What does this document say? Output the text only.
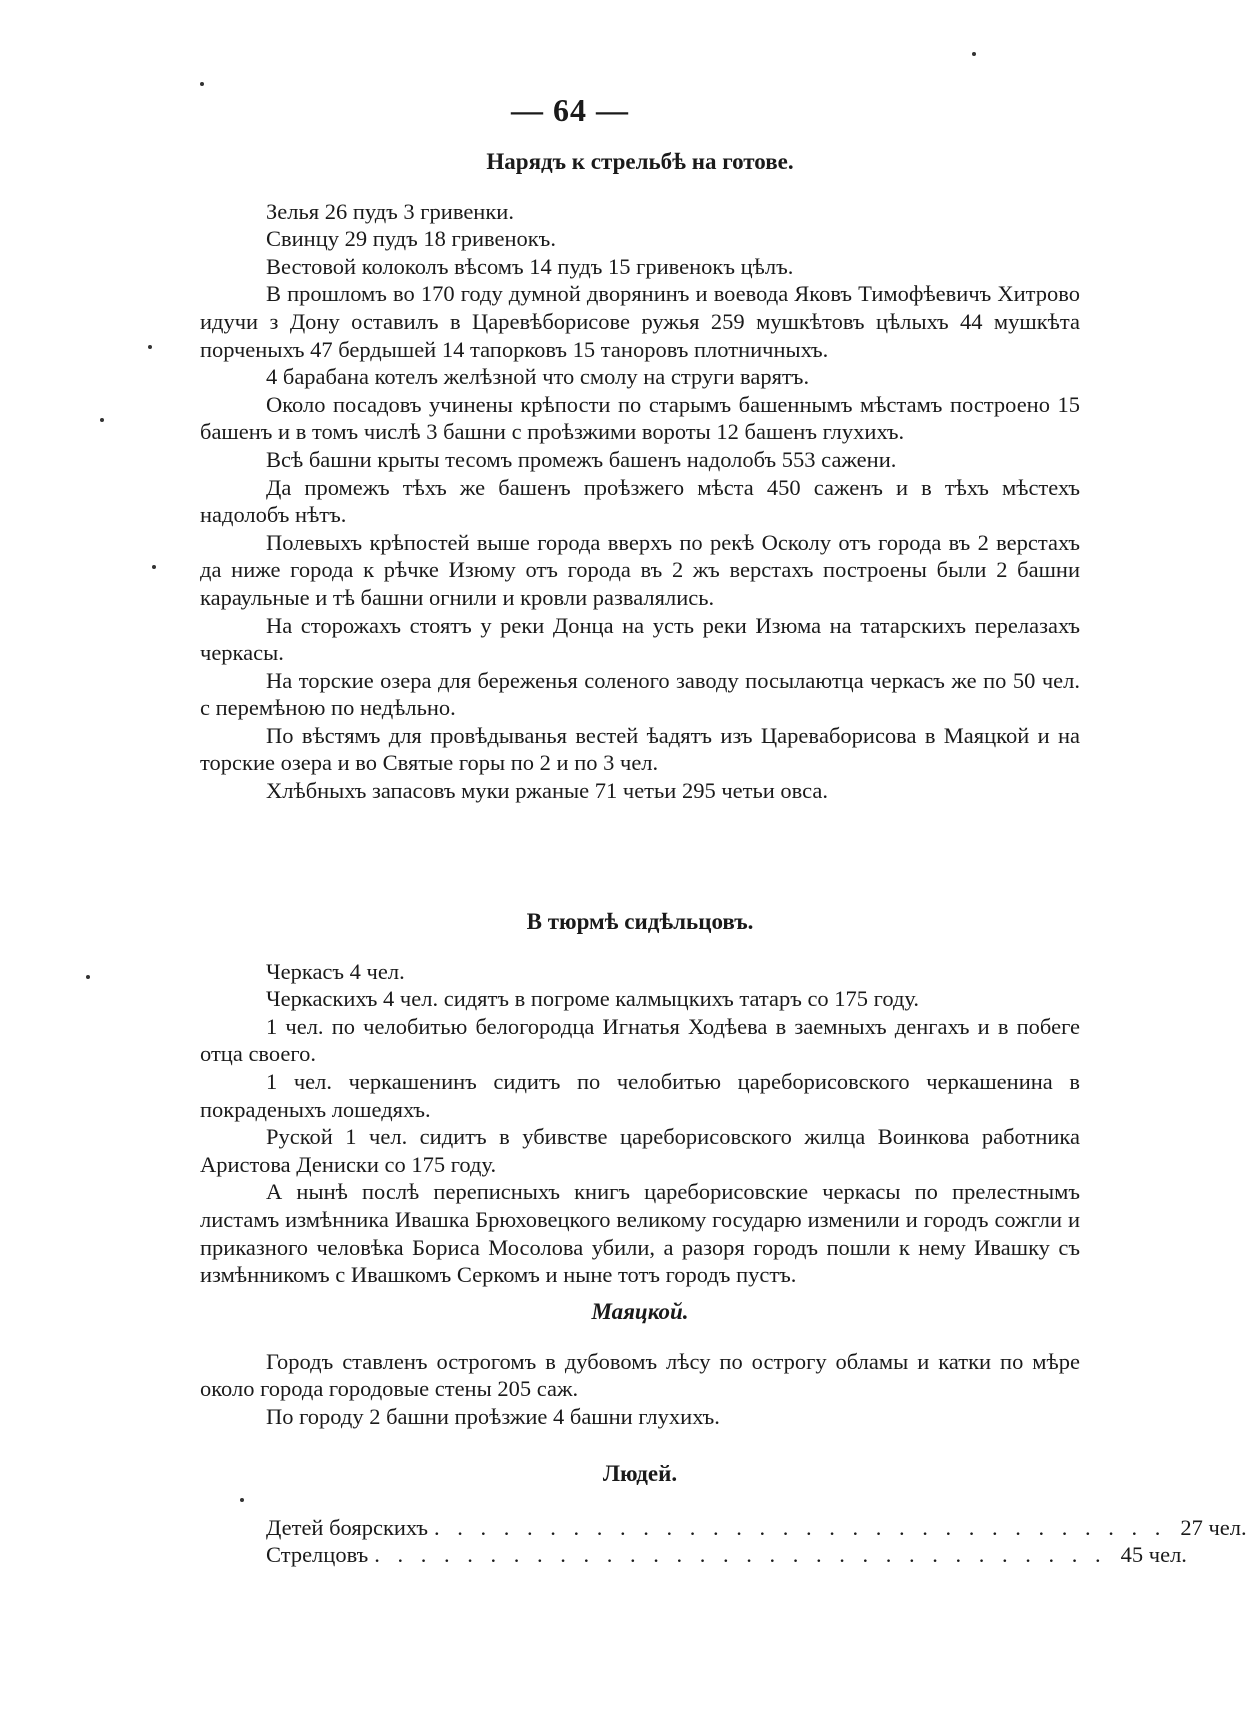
— 64 —

Нарядъ к стрельбѣ на готове.

Зелья 26 пудъ 3 гривенки.

Свинцу 29 пудъ 18 гривенокъ.

Вестовой колоколъ вѣсомъ 14 пудъ 15 гривенокъ цѣлъ.

В прошломъ во 170 году думной дворянинъ и воевода Яковъ Тимофѣевичъ Хитрово идучи з Дону оставилъ в Царевѣборисове ружья 259 мушкѣтовъ цѣлыхъ 44 мушкѣта порченыхъ 47 бердышей 14 тапорковъ 15 таноровъ плотничныхъ.

4 барабана котелъ желѣзной что смолу на струги варятъ.

Около посадовъ учинены крѣпости по старымъ башеннымъ мѣстамъ построено 15 башенъ и в томъ числѣ 3 башни с проѣзжими вороты 12 башенъ глухихъ.

Всѣ башни крыты тесомъ промежъ башенъ надолобъ 553 сажени.

Да промежъ тѣхъ же башенъ проѣзжего мѣста 450 саженъ и в тѣхъ мѣстехъ надолобъ нѣтъ.

Полевыхъ крѣпостей выше города вверхъ по рекѣ Осколу отъ города въ 2 верстахъ да ниже города к рѣчке Изюму отъ города въ 2 жъ верстахъ построены были 2 башни караульные и тѣ башни огнили и кровли развалялись.

На сторожахъ стоятъ у реки Донца на усть реки Изюма на татарскихъ перелазахъ черкасы.

На торские озера для береженья соленого заводу посылаютца черкасъ же по 50 чел. с перемѣною по недѣльно.

По вѣстямъ для провѣдыванья вестей ѣадятъ изъ Царевaборисова в Маяцкой и на торские озера и во Святые горы по 2 и по 3 чел.

Хлѣбныхъ запасовъ муки ржаные 71 четьи 295 четьи овса.

В тюрмѣ сидѣльцовъ.

Черкасъ 4 чел.

Черкаскихъ 4 чел. сидятъ в погроме калмыцкихъ татаръ со 175 году.

1 чел. по челобитью белогородца Игнатья Ходѣева в заемныхъ денгахъ и в побеге отца своего.

1 чел. черкашенинъ сидитъ по челобитью цареборисовского черкашенина в покраденыхъ лошедяхъ.

Руской 1 чел. сидитъ в убивстве цареборисовского жилца Воинкова работника Аристова Дениски со 175 году.

А нынѣ послѣ переписныхъ книгъ цареборисовские черкасы по прелестнымъ листамъ измѣнника Ивашка Брюховецкого великому государю изменили и городъ сожгли и приказного человѣка Бориса Мосолова убили, а разоря городъ пошли к нему Ивашку съ измѣнникомъ с Ивашкомъ Серкомъ и ныне тотъ городъ пустъ.

Маяцкой.

Городъ ставленъ острогомъ в дубовомъ лѣсу по острогу обламы и катки по мѣре около города городовые стены 205 саж.

По городу 2 башни проѣзжие 4 башни глухихъ.

Людей.

Детей боярскихъ . . . . . . . . . . . . . . . . . . . . . . . . . . . . . . . . 27 чел.
Стрелцовъ . . . . . . . . . . . . . . . . . . . . . . . . . . . . . . . . 45 чел.
